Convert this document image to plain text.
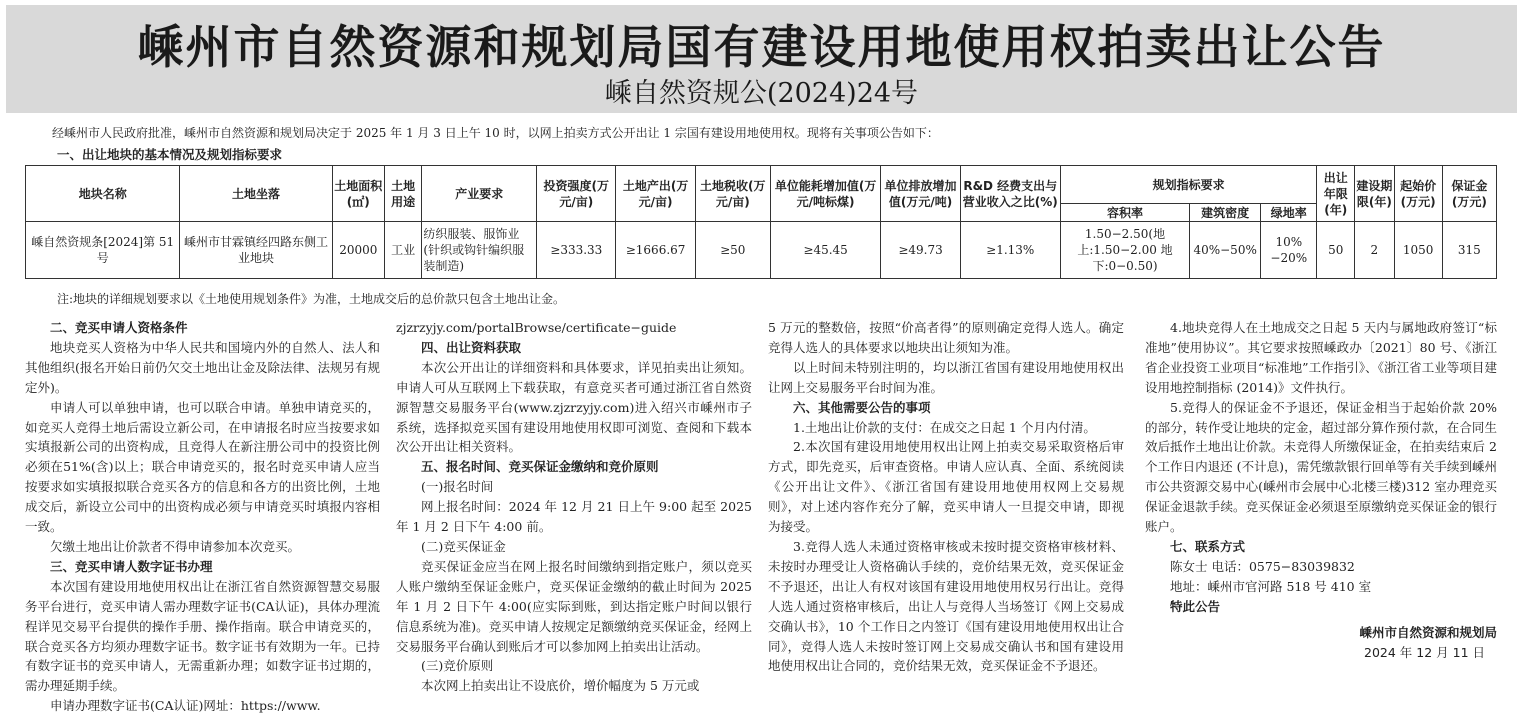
嵊州市自然资源和规划局国有建设用地使用权拍卖出让公告
嵊自然资规公(2024)24号
经嵊州市人民政府批准，嵊州市自然资源和规划局决定于 2025 年 1 月 3 日上午 10 时，以网上拍卖方式公开出让 1 宗国有建设用地使用权。现将有关事项公告如下：
一、出让地块的基本情况及规划指标要求
地块名称	土地坐落	土地面积(㎡)	土地用途	产业要求	投资强度(万元/亩)	土地产出(万元/亩)	土地税收(万元/亩)	单位能耗增加值(万元/吨标煤)	单位排放增加值(万元/吨)	R&D 经费支出与营业收入之比(%)	规划指标要求			出让年限(年)	建设期限(年)	起始价(万元)	保证金(万元)
											容积率	建筑密度	绿地率				
嵊自然资规条[2024]第 51 号	嵊州市甘霖镇经四路东侧工业地块	20000	工业	纺织服装、服饰业(针织或钩针编织服装制造)	≥333.33	≥1666.67	≥50	≥45.45	≥49.73	≥1.13%	1.50−2.50(地上:1.50−2.00 地下:0−0.50)	40%−50%	10%−20%	50	2	1050	315
注:地块的详细规划要求以《土地使用规划条件》为准，土地成交后的总价款只包含土地出让金。

二、竞买申请人资格条件

地块竞买人资格为中华人民共和国境内外的自然人、法人和其他组织(报名开始日前仍欠交土地出让金及除法律、法规另有规定外)。

申请人可以单独申请，也可以联合申请。单独申请竞买的，如竞买人竞得土地后需设立新公司，在申请报名时应当按要求如实填报新公司的出资构成，且竞得人在新注册公司中的投资比例必须在51%(含)以上；联合申请竞买的，报名时竞买申请人应当按要求如实填报拟联合竞买各方的信息和各方的出资比例，土地成交后，新设立公司中的出资构成必须与申请竞买时填报内容相一致。

欠缴土地出让价款者不得申请参加本次竞买。

三、竞买申请人数字证书办理

本次国有建设用地使用权出让在浙江省自然资源智慧交易服务平台进行，竞买申请人需办理数字证书(CA认证)，具体办理流程详见交易平台提供的操作手册、操作指南。联合申请竞买的，联合竞买各方均须办理数字证书。数字证书有效期为一年。已持有数字证书的竞买申请人，无需重新办理；如数字证书过期的，需办理延期手续。

申请办理数字证书(CA认证)网址：https://www.

zjzrzyjy.com/portalBrowse/certificate−guide

四、出让资料获取

本次公开出让的详细资料和具体要求，详见拍卖出让须知。申请人可从互联网上下载获取，有意竞买者可通过浙江省自然资源智慧交易服务平台(www.zjzrzyjy.com)进入绍兴市嵊州市子系统，选择拟竞买国有建设用地使用权即可浏览、查阅和下载本次公开出让相关资料。

五、报名时间、竞买保证金缴纳和竞价原则

(一)报名时间

网上报名时间：2024 年 12 月 21 日上午 9:00 起至 2025 年 1 月 2 日下午 4:00 前。

(二)竞买保证金

竞买保证金应当在网上报名时间缴纳到指定账户，须以竞买人账户缴纳至保证金账户，竞买保证金缴纳的截止时间为 2025 年 1 月 2 日下午 4:00(应实际到账，到达指定账户时间以银行信息系统为准)。竞买申请人按规定足额缴纳竞买保证金，经网上交易服务平台确认到账后才可以参加网上拍卖出让活动。

(三)竞价原则

本次网上拍卖出让不设底价，增价幅度为 5 万元或

5 万元的整数倍，按照“价高者得”的原则确定竞得人选人。确定竞得人选人的具体要求以地块出让须知为准。

以上时间未特别注明的，均以浙江省国有建设用地使用权出让网上交易服务平台时间为准。

六、其他需要公告的事项

1.土地出让价款的支付：在成交之日起 1 个月内付清。

2.本次国有建设用地使用权出让网上拍卖交易采取资格后审方式，即先竞买，后审查资格。申请人应认真、全面、系统阅读《公开出让文件》、《浙江省国有建设用地使用权网上交易规则》，对上述内容作充分了解，竞买申请人一旦提交申请，即视为接受。

3.竞得人选人未通过资格审核或未按时提交资格审核材料、未按时办理受让人资格确认手续的，竞价结果无效，竞买保证金不予退还，出让人有权对该国有建设用地使用权另行出让。竞得人选人通过资格审核后，出让人与竞得人当场签订《网上交易成交确认书》，10 个工作日之内签订《国有建设用地使用权出让合同》，竞得人选人未按时签订网上交易成交确认书和国有建设用地使用权出让合同的，竞价结果无效，竞买保证金不予退还。

4.地块竞得人在土地成交之日起 5 天内与属地政府签订“标准地”使用协议”。其它要求按照嵊政办〔2021〕80 号、《浙江省企业投资工业项目“标准地”工作指引》、《浙江省工业等项目建设用地控制指标 (2014)》文件执行。

5.竞得人的保证金不予退还，保证金相当于起始价款 20%的部分，转作受让地块的定金，超过部分算作预付款，在合同生效后抵作土地出让价款。未竞得人所缴保证金，在拍卖结束后 2 个工作日内退还 (不计息)，需凭缴款银行回单等有关手续到嵊州市公共资源交易中心(嵊州市会展中心北楼三楼)312 室办理竞买保证金退款手续。竞买保证金必须退至原缴纳竞买保证金的银行账户。

七、联系方式

陈女士 电话：0575−83039832

地址：嵊州市官河路 518 号 410 室

特此公告

嵊州市自然资源和规划局

2024 年 12 月 11 日
